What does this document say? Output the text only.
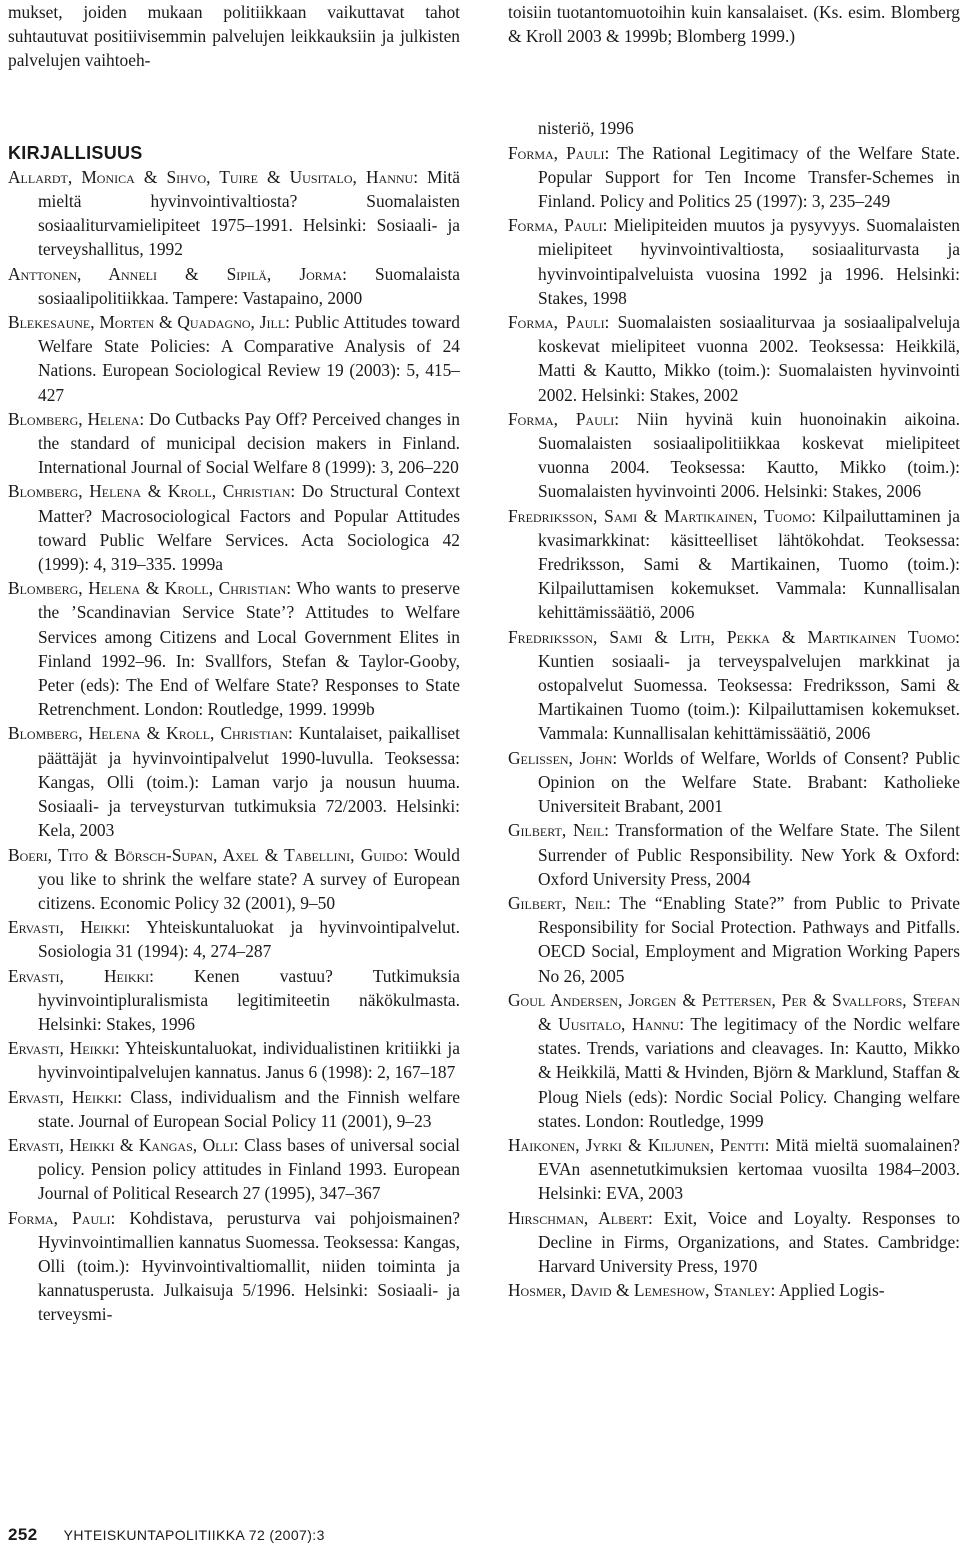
mukset, joiden mukaan politiikkaan vaikuttavat tahot suhtautuvat positiivisemmin palvelujen leikkauksiin ja julkisten palvelujen vaihtoeh-

KIRJALLISUUS

Allardt, Monica & Sihvo, Tuire & Uusitalo, Hannu: Mitä mieltä hyvinvointivaltiosta? Suomalaisten sosiaaliturvamielipiteet 1975–1991. Helsinki: Sosiaali- ja terveyshallitus, 1992

Anttonen, Anneli & Sipilä, Jorma: Suomalaista sosiaalipolitiikkaa. Tampere: Vastapaino, 2000

Blekesaune, Morten & Quadagno, Jill: Public Attitudes toward Welfare State Policies: A Comparative Analysis of 24 Nations. European Sociological Review 19 (2003): 5, 415–427

Blomberg, Helena: Do Cutbacks Pay Off? Perceived changes in the standard of municipal decision makers in Finland. International Journal of Social Welfare 8 (1999): 3, 206–220

Blomberg, Helena & Kroll, Christian: Do Structural Context Matter? Macrosociological Factors and Popular Attitudes toward Public Welfare Services. Acta Sociologica 42 (1999): 4, 319–335. 1999a

Blomberg, Helena & Kroll, Christian: Who wants to preserve the ’Scandinavian Service State’? Attitudes to Welfare Services among Citizens and Local Government Elites in Finland 1992–96. In: Svallfors, Stefan & Taylor-Gooby, Peter (eds): The End of Welfare State? Responses to State Retrenchment. London: Routledge, 1999. 1999b

Blomberg, Helena & Kroll, Christian: Kuntalaiset, paikalliset päättäjät ja hyvinvointipalvelut 1990-luvulla. Teoksessa: Kangas, Olli (toim.): Laman varjo ja nousun huuma. Sosiaali- ja terveysturvan tutkimuksia 72/2003. Helsinki: Kela, 2003

Boeri, Tito & Börsch-Supan, Axel & Tabellini, Guido: Would you like to shrink the welfare state? A survey of European citizens. Economic Policy 32 (2001), 9–50

Ervasti, Heikki: Yhteiskuntaluokat ja hyvinvointipalvelut. Sosiologia 31 (1994): 4, 274–287

Ervasti, Heikki: Kenen vastuu? Tutkimuksia hyvinvointipluralismista legitimiteetin näkökulmasta. Helsinki: Stakes, 1996

Ervasti, Heikki: Yhteiskuntaluokat, individualistinen kritiikki ja hyvinvointipalvelujen kannatus. Janus 6 (1998): 2, 167–187

Ervasti, Heikki: Class, individualism and the Finnish welfare state. Journal of European Social Policy 11 (2001), 9–23

Ervasti, Heikki & Kangas, Olli: Class bases of universal social policy. Pension policy attitudes in Finland 1993. European Journal of Political Research 27 (1995), 347–367

Forma, Pauli: Kohdistava, perusturva vai pohjoismainen? Hyvinvointimallien kannatus Suomessa. Teoksessa: Kangas, Olli (toim.): Hyvinvointivaltiomallit, niiden toiminta ja kannatusperusta. Julkaisuja 5/1996. Helsinki: Sosiaali- ja terveysmi-

toisiin tuotantomuotoihin kuin kansalaiset. (Ks. esim. Blomberg & Kroll 2003 & 1999b; Blomberg 1999.)

nisteriö, 1996

Forma, Pauli: The Rational Legitimacy of the Welfare State. Popular Support for Ten Income Transfer-Schemes in Finland. Policy and Politics 25 (1997): 3, 235–249

Forma, Pauli: Mielipiteiden muutos ja pysyvyys. Suomalaisten mielipiteet hyvinvointivaltiosta, sosiaaliturvasta ja hyvinvointipalveluista vuosina 1992 ja 1996. Helsinki: Stakes, 1998

Forma, Pauli: Suomalaisten sosiaaliturvaa ja sosiaalipalveluja koskevat mielipiteet vuonna 2002. Teoksessa: Heikkilä, Matti & Kautto, Mikko (toim.): Suomalaisten hyvinvointi 2002. Helsinki: Stakes, 2002

Forma, Pauli: Niin hyvinä kuin huonoinakin aikoina. Suomalaisten sosiaalipolitiikkaa koskevat mielipiteet vuonna 2004. Teoksessa: Kautto, Mikko (toim.): Suomalaisten hyvinvointi 2006. Helsinki: Stakes, 2006

Fredriksson, Sami & Martikainen, Tuomo: Kilpailuttaminen ja kvasimarkkinat: käsitteelliset lähtökohdat. Teoksessa: Fredriksson, Sami & Martikainen, Tuomo (toim.): Kilpailuttamisen kokemukset. Vammala: Kunnallisalan kehittämissäätiö, 2006

Fredriksson, Sami & Lith, Pekka & Martikainen Tuomo: Kuntien sosiaali- ja terveyspalvelujen markkinat ja ostopalvelut Suomessa. Teoksessa: Fredriksson, Sami & Martikainen Tuomo (toim.): Kilpailuttamisen kokemukset. Vammala: Kunnallisalan kehittämissäätiö, 2006

Gelissen, John: Worlds of Welfare, Worlds of Consent? Public Opinion on the Welfare State. Brabant: Katholieke Universiteit Brabant, 2001

Gilbert, Neil: Transformation of the Welfare State. The Silent Surrender of Public Responsibility. New York & Oxford: Oxford University Press, 2004

Gilbert, Neil: The “Enabling State?” from Public to Private Responsibility for Social Protection. Pathways and Pitfalls. OECD Social, Employment and Migration Working Papers No 26, 2005

Goul Andersen, Jorgen & Pettersen, Per & Svallfors, Stefan & Uusitalo, Hannu: The legitimacy of the Nordic welfare states. Trends, variations and cleavages. In: Kautto, Mikko & Heikkilä, Matti & Hvinden, Björn & Marklund, Staffan & Ploug Niels (eds): Nordic Social Policy. Changing welfare states. London: Routledge, 1999

Haikonen, Jyrki & Kiljunen, Pentti: Mitä mieltä suomalainen? EVAn asennetutkimuksien kertomaa vuosilta 1984–2003. Helsinki: EVA, 2003

Hirschman, Albert: Exit, Voice and Loyalty. Responses to Decline in Firms, Organizations, and States. Cambridge: Harvard University Press, 1970

Hosmer, David & Lemeshow, Stanley: Applied Logis-

252 YHTEISKUNTAPOLITIIKKA 72 (2007):3
